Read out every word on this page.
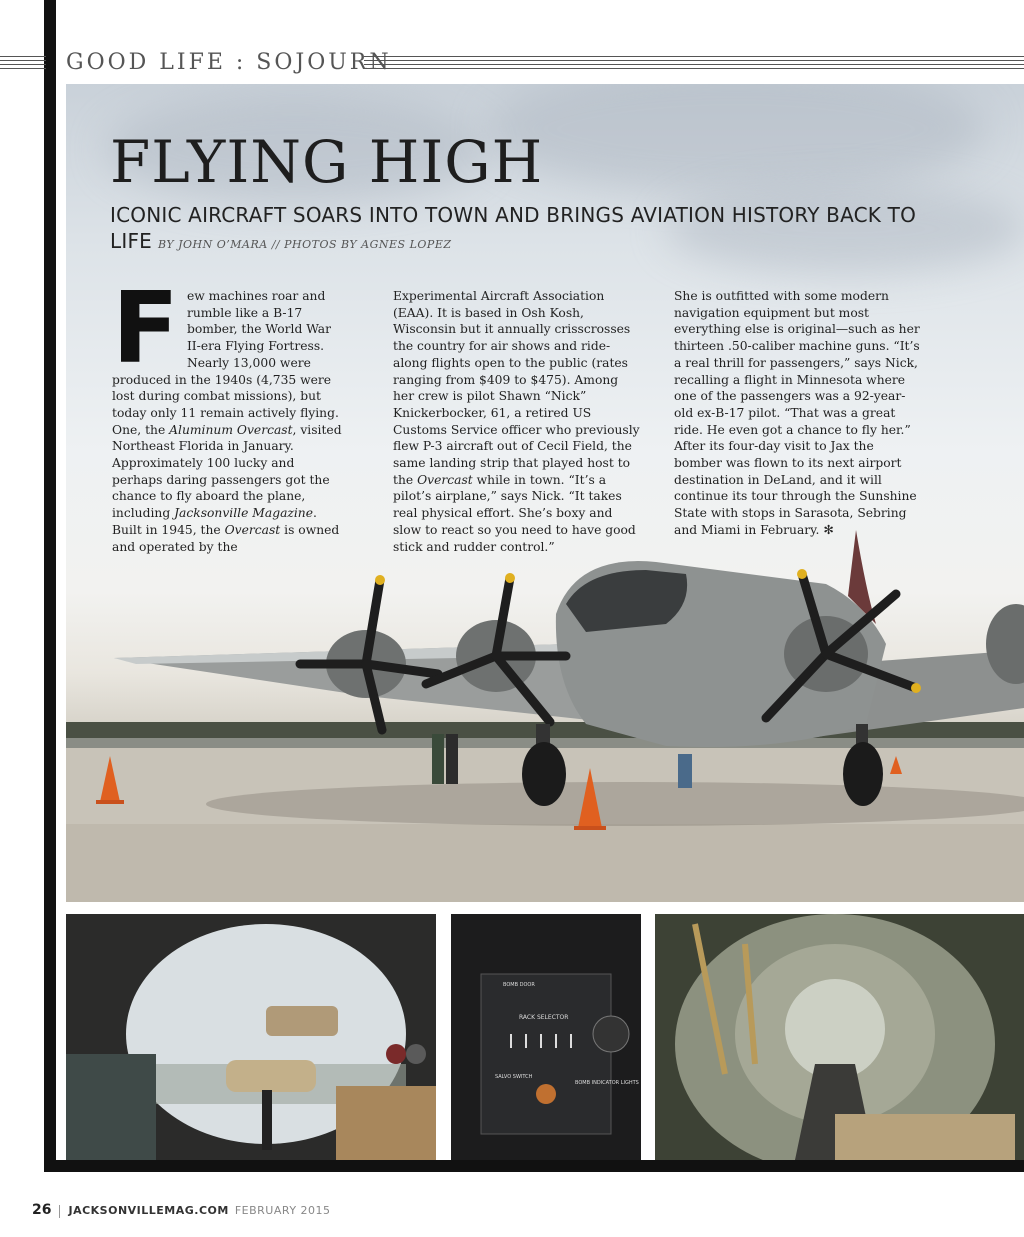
GOOD LIFE : SOJOURN
FLYING HIGH
ICONIC AIRCRAFT SOARS INTO TOWN AND BRINGS AVIATION HISTORY BACK TO LIFE BY JOHN O’MARA // PHOTOS BY AGNES LOPEZ
Few machines roar and rumble like a B-17 bomber, the World War II-era Flying Fortress. Nearly 13,000 were produced in the 1940s (4,735 were lost during combat missions), but today only 11 remain actively flying. One, the Aluminum Overcast, visited Northeast Florida in January. Approximately 100 lucky and perhaps daring passengers got the chance to fly aboard the plane, including Jacksonville Magazine. Built in 1945, the Overcast is owned and operated by the
Experimental Aircraft Association (EAA). It is based in Osh Kosh, Wisconsin but it annually crisscrosses the country for air shows and ride-along flights open to the public (rates ranging from $409 to $475). Among her crew is pilot Shawn “Nick” Knickerbocker, 61, a retired US Customs Service officer who previously flew P-3 aircraft out of Cecil Field, the same landing strip that played host to the Overcast while in town. “It’s a pilot’s airplane,” says Nick. “It takes real physical effort. She’s boxy and slow to react so you need to have good stick and rudder control.”
She is outfitted with some modern navigation equipment but most everything else is original—such as her thirteen .50-caliber machine guns. “It’s a real thrill for passengers,” says Nick, recalling a flight in Minnesota where one of the passengers was a 92-year-old ex-B-17 pilot. “That was a great ride. He even got a chance to fly her.” After its four-day visit to Jax the bomber was flown to its next airport destination in DeLand, and it will continue its tour through the Sunshine State with stops in Sarasota, Sebring and Miami in February. ✻
BOMB DOOR
RACK SELECTOR
SALVO SWITCH
BOMB INDICATOR LIGHTS
26 JACKSONVILLEMAG.COM FEBRUARY 2015
